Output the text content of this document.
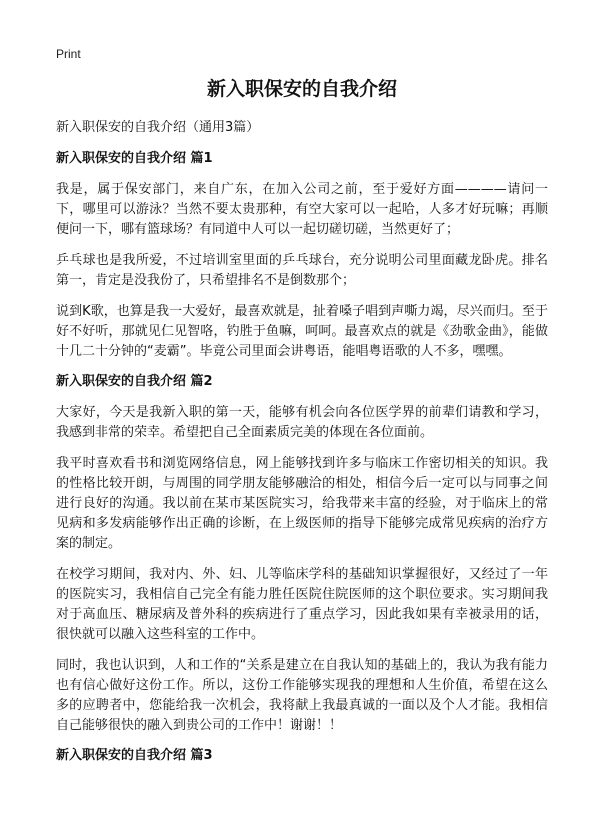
Print
新入职保安的自我介绍

新入职保安的自我介绍（通用3篇）

新入职保安的自我介绍 篇1

我是，属于保安部门，来自广东，在加入公司之前，至于爱好方面————请问一下，哪里可以游泳？当然不要太贵那种，有空大家可以一起哈，人多才好玩嘛；再顺便问一下，哪有篮球场？有同道中人可以一起切磋切磋，当然更好了；

乒乓球也是我所爱，不过培训室里面的乒乓球台，充分说明公司里面藏龙卧虎。排名第一，肯定是没我份了，只希望排名不是倒数那个；

说到K歌，也算是我一大爱好，最喜欢就是，扯着嗓子唱到声嘶力竭，尽兴而归。至于好不好听，那就见仁见智咯，钓胜于鱼嘛，呵呵。最喜欢点的就是《劲歌金曲》，能做十几二十分钟的“麦霸”。毕竟公司里面会讲粤语，能唱粤语歌的人不多，嘿嘿。

新入职保安的自我介绍 篇2

大家好，今天是我新入职的第一天，能够有机会向各位医学界的前辈们请教和学习，我感到非常的荣幸。希望把自己全面素质完美的体现在各位面前。

我平时喜欢看书和浏览网络信息，网上能够找到许多与临床工作密切相关的知识。我的性格比较开朗，与周围的同学朋友能够融洽的相处，相信今后一定可以与同事之间进行良好的沟通。我以前在某市某医院实习，给我带来丰富的经验，对于临床上的常见病和多发病能够作出正确的诊断，在上级医师的指导下能够完成常见疾病的治疗方案的制定。

在校学习期间，我对内、外、妇、儿等临床学科的基础知识掌握很好，又经过了一年的医院实习，我相信自己完全有能力胜任医院住院医师的这个职位要求。实习期间我对于高血压、糖尿病及普外科的疾病进行了重点学习，因此我如果有幸被录用的话，很快就可以融入这些科室的工作中。

同时，我也认识到，人和工作的“关系是建立在自我认知的基础上的，我认为我有能力也有信心做好这份工作。所以，这份工作能够实现我的理想和人生价值，希望在这么多的应聘者中，您能给我一次机会，我将献上我最真诚的一面以及个人才能。我相信自己能够很快的融入到贵公司的工作中！谢谢！！

新入职保安的自我介绍 篇3
